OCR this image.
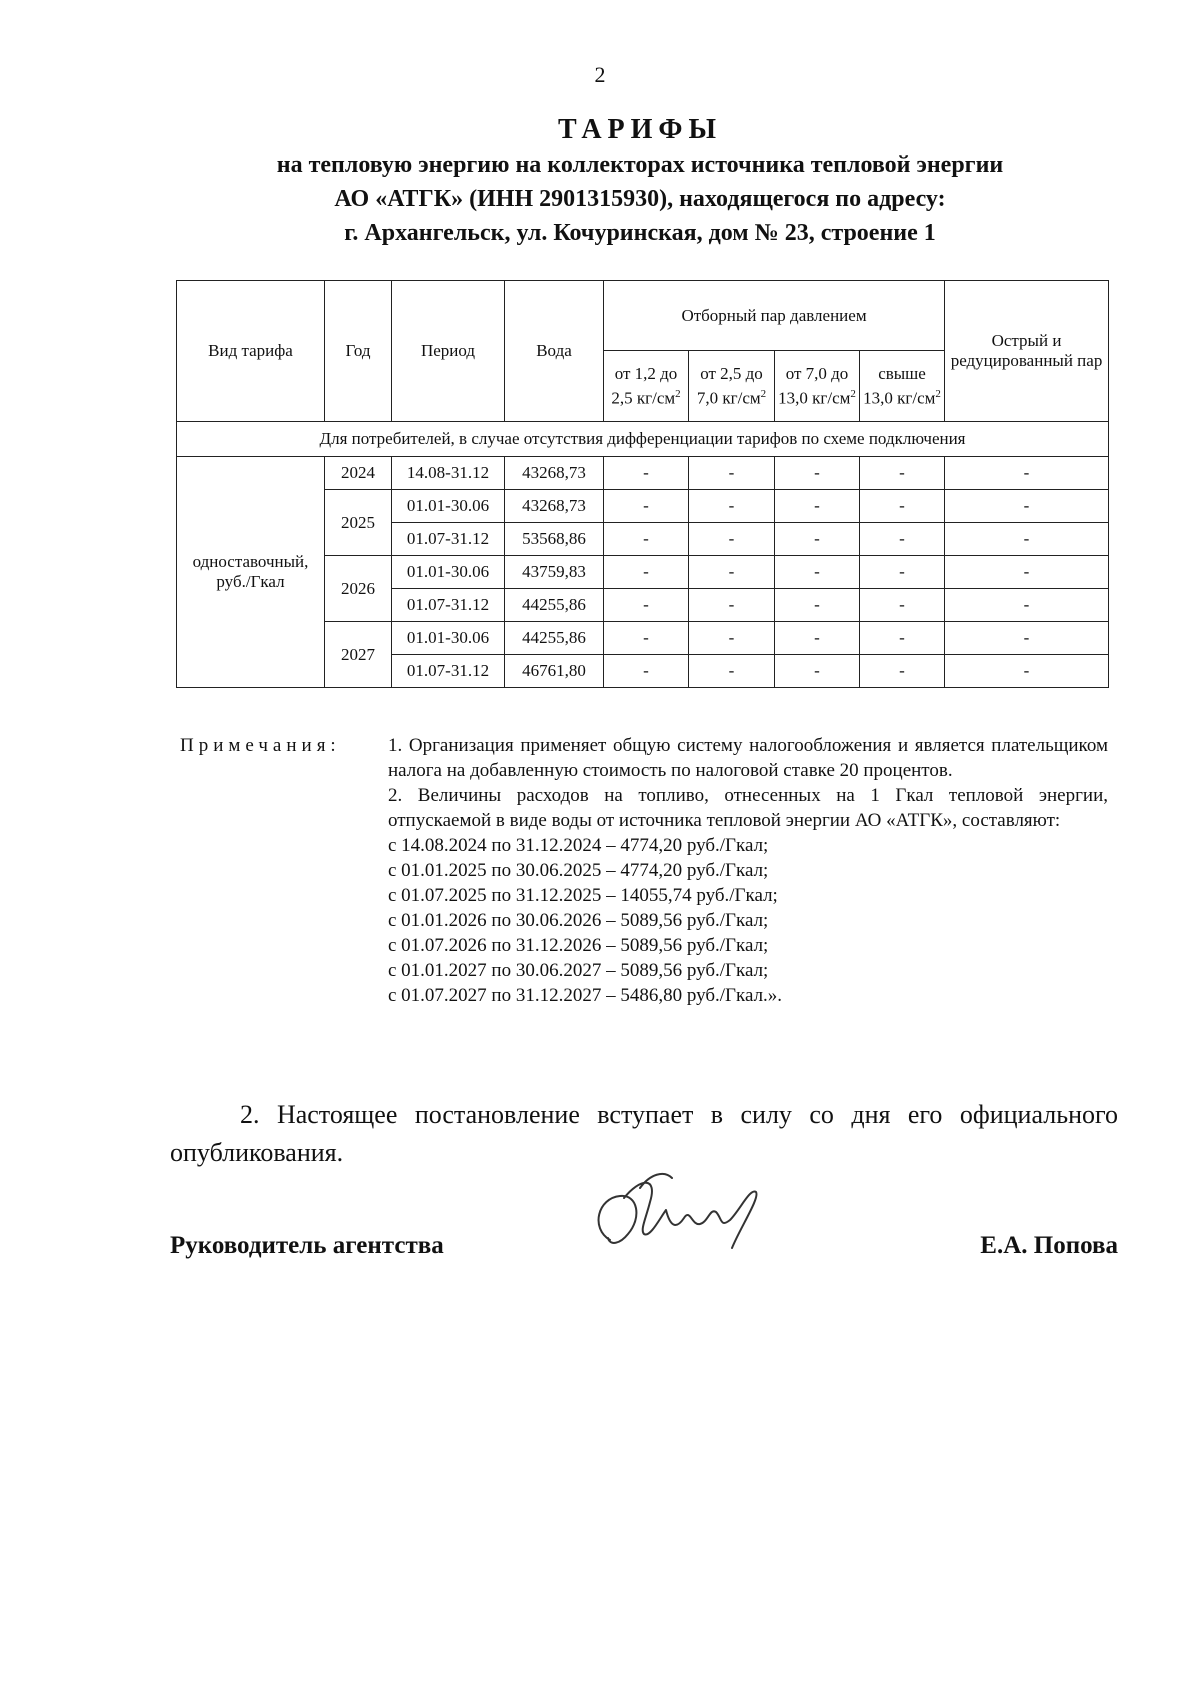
2
ТАРИФЫ
на тепловую энергию на коллекторах источника тепловой энергии
АО «АТГК» (ИНН 2901315930), находящегося по адресу:
г. Архангельск, ул. Кочуринская, дом № 23, строение 1
Вид тарифа	Год	Период	Вода	Отборный пар давлением				Острый и редуцированный пар
				от 1,2 до 2,5 $кг/см^2$	от 2,5 до 7,0 $кг/см^2$	от 7,0 до 13,0 $кг/см^2$	свыше 13,0 $кг/см^2$
Для потребителей, в случае отсутствия дифференциации тарифов по схеме подключения								
одноставочный, руб./Гкал	2024	14.08-31.12	43268,73	-	-	-	-	-
	2025	01.01-30.06	43268,73	-	-	-	-	-
		01.07-31.12	53568,86	-	-	-	-	-
	2026	01.01-30.06	43759,83	-	-	-	-	-
		01.07-31.12	44255,86	-	-	-	-	-
	2027	01.01-30.06	44255,86	-	-	-	-	-
		01.07-31.12	46761,80	-	-	-	-	-
Примечания:	1. Организация применяет общую систему налогообложения и является плательщиком налога на добавленную стоимость по налоговой ставке 20 процентов.
2. Величины расходов на топливо, отнесенных на 1 Гкал тепловой энергии, отпускаемой в виде воды от источника тепловой энергии АО «АТГК», составляют:
с 14.08.2024 по 31.12.2024 – 4774,20 руб./Гкал;
с 01.01.2025 по 30.06.2025 – 4774,20 руб./Гкал;
с 01.07.2025 по 31.12.2025 – 14055,74 руб./Гкал;
с 01.01.2026 по 30.06.2026 – 5089,56 руб./Гкал;
с 01.07.2026 по 31.12.2026 – 5089,56 руб./Гкал;
с 01.01.2027 по 30.06.2027 – 5089,56 руб./Гкал;
с 01.07.2027 по 31.12.2027 – 5486,80 руб./Гкал.».
2. Настоящее постановление вступает в силу со дня его официального опубликования.
Руководитель агентства	Е.А. Попова
